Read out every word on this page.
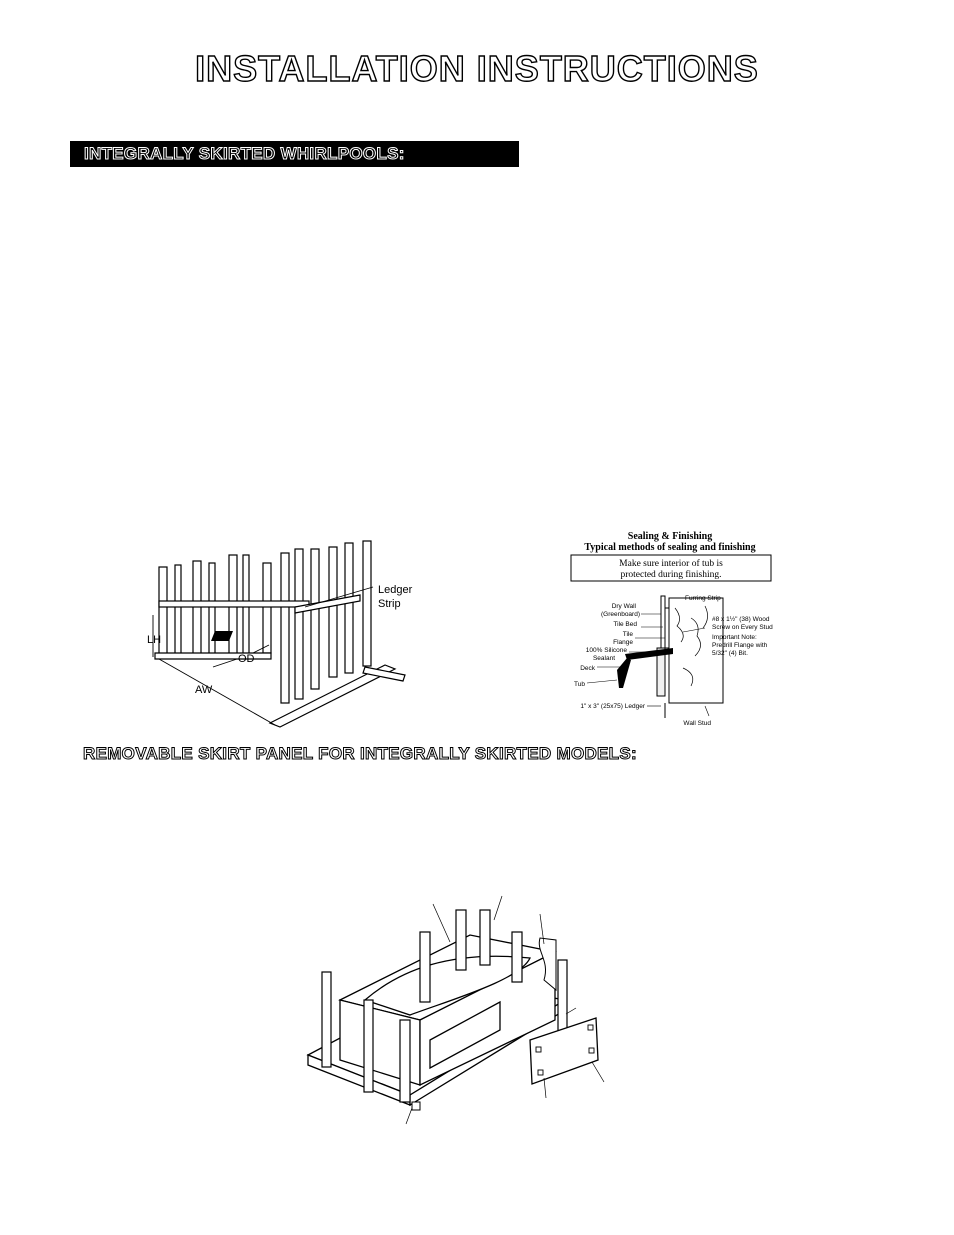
INSTALLATION INSTRUCTIONS
INTEGRALLY SKIRTED WHIRLPOOLS:
LH
OD
AW
Ledger
Strip
Sealing & Finishing
Typical methods of sealing and finishing
Make sure interior of tub is
protected during finishing.
Furring Strip
Dry Wall
(Greenboard)
Tile Bed
Tile
Flange
100% Silicone
Sealant
Deck
Tub
1" x 3" (25x75) Ledger
Wall Stud
#8 x 1½" (38) Wood
Screw on Every Stud
Important Note:
Predrill Flange with
5/32" (4) Bit.
REMOVABLE SKIRT PANEL FOR INTEGRALLY SKIRTED MODELS:
